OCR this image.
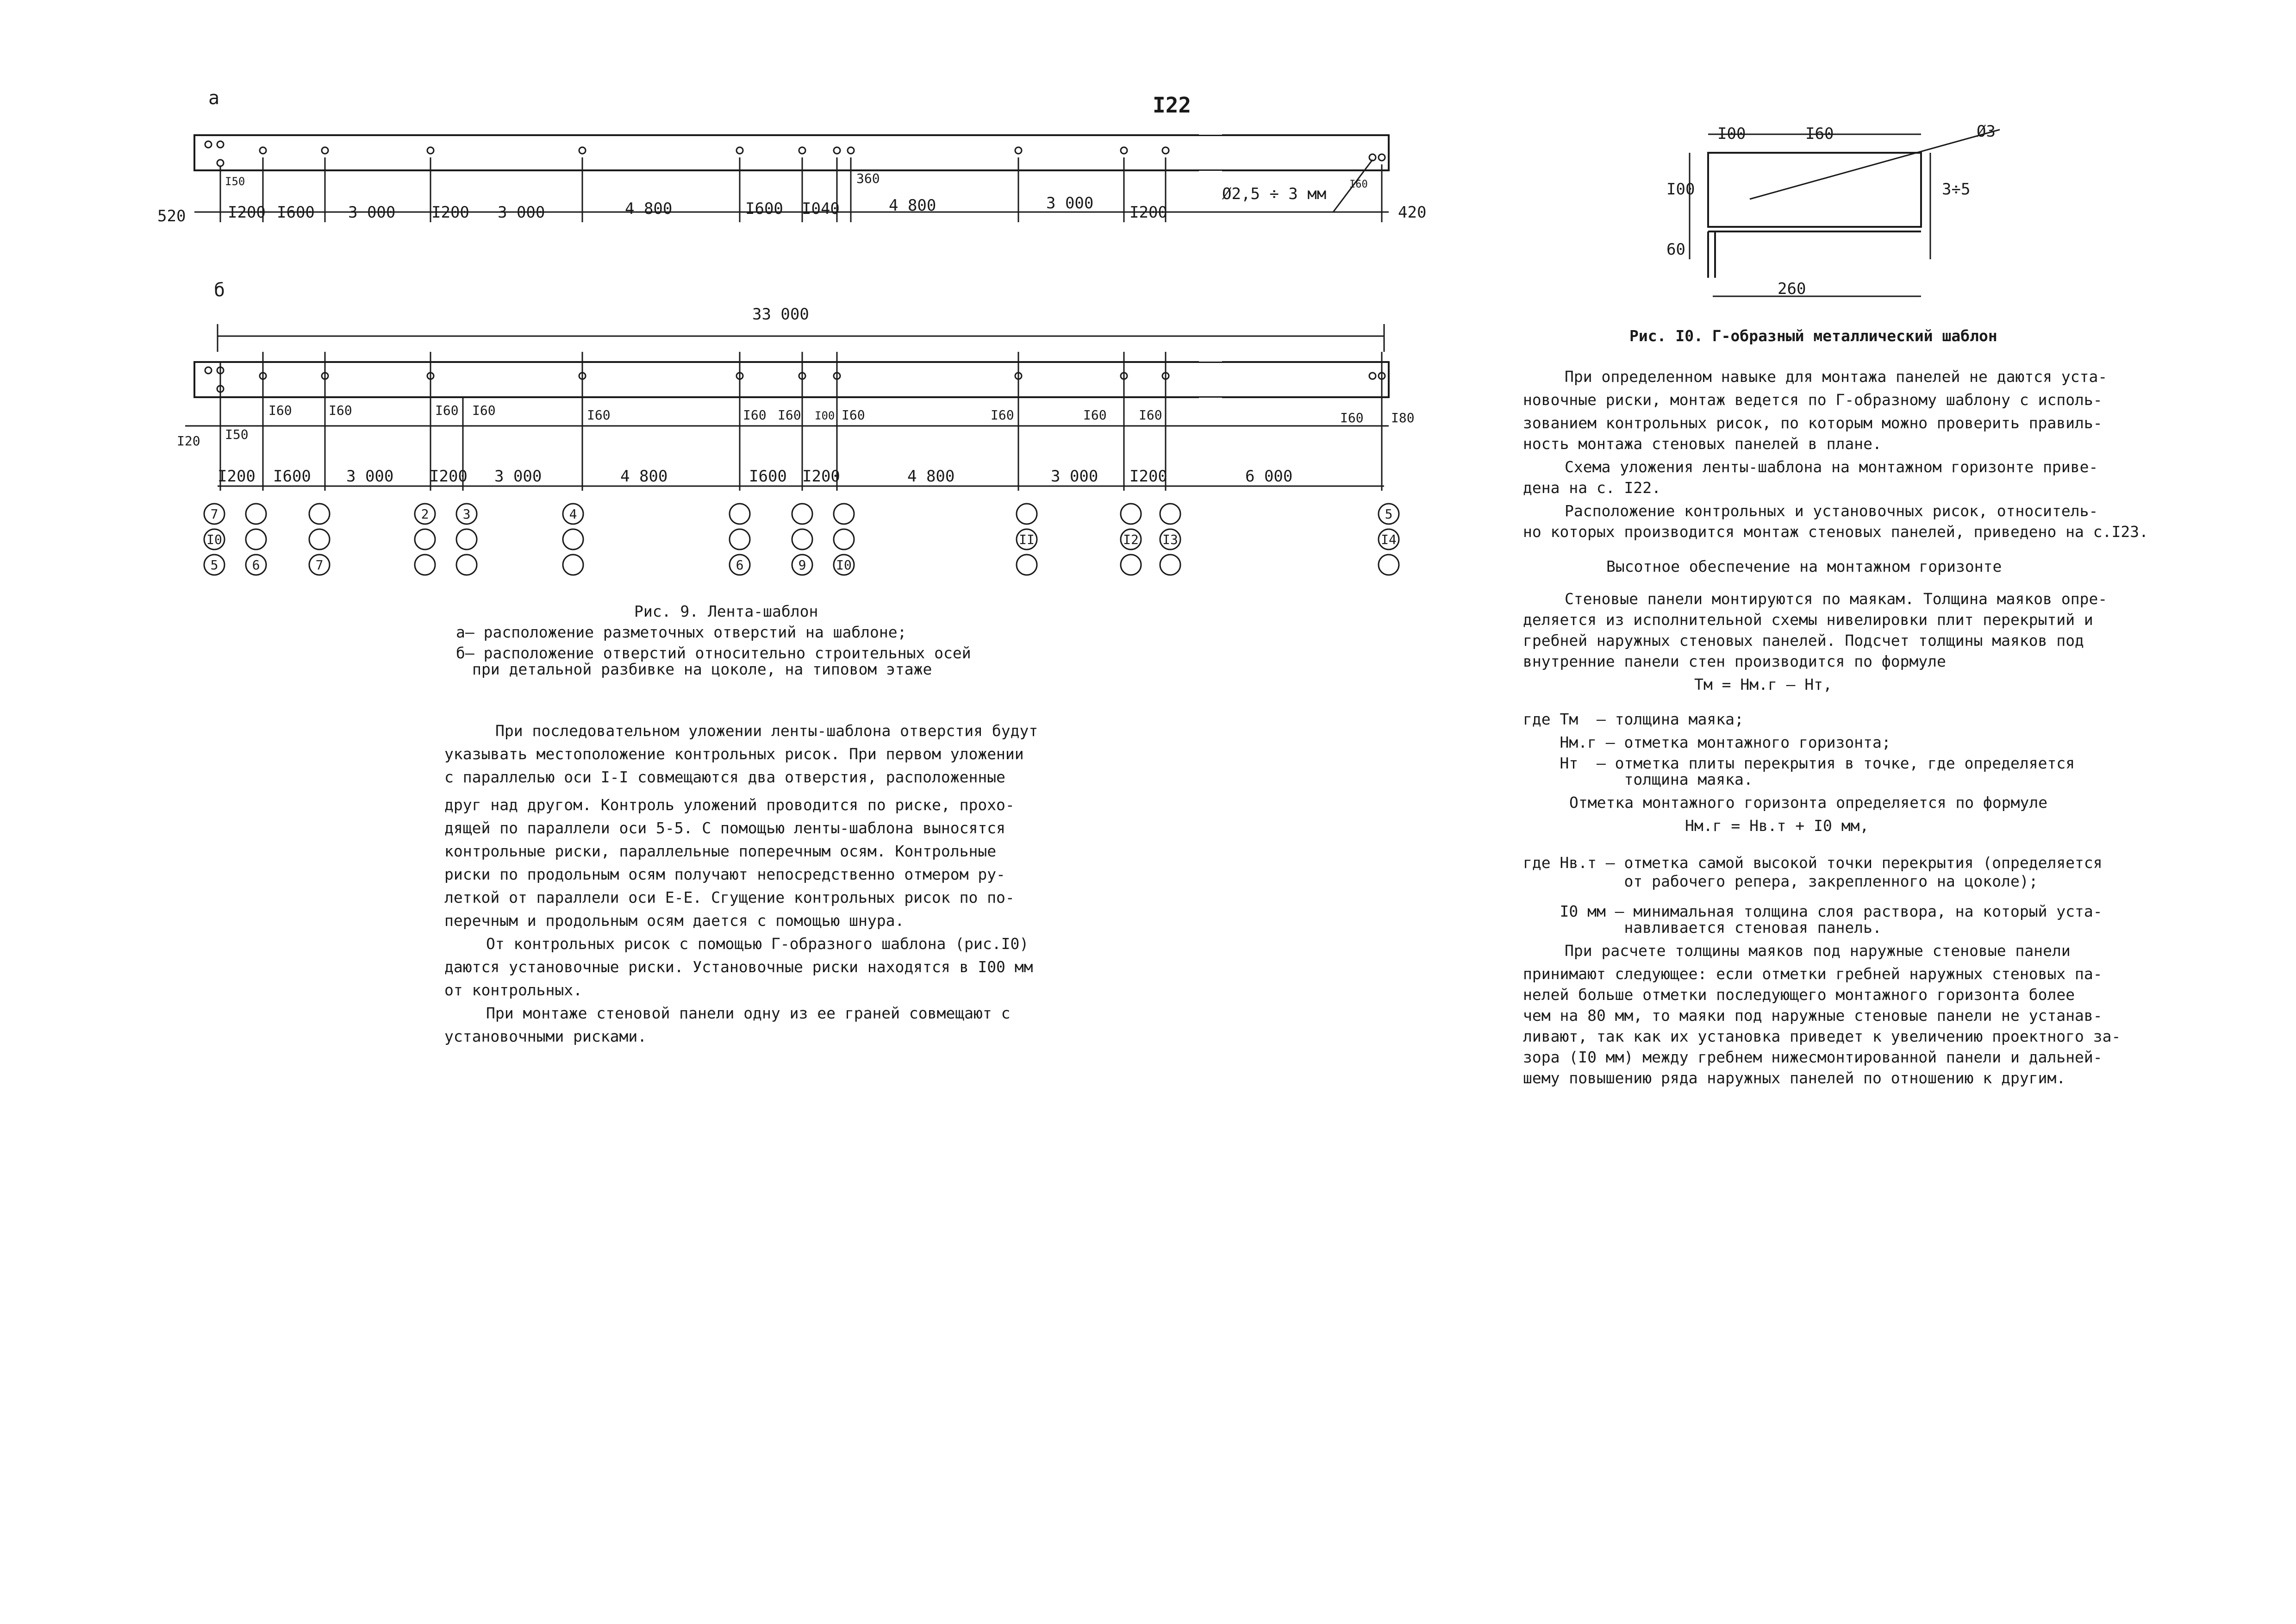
I22
а
520	I200 I600 3 000 I200 3 000	4 800	I600 I040	4 800	3 000 I200	420
I50	360
Ø2,5 ÷ 3 мм
I60
б
33 000
I20 I50
I60	I60	I60 I60	I60	I60 I60 I00 I60	I60	I60 I60	I60 I80
I200 I600 3 000 I200 3 000	4 800	I600 I200	4 800	3 000 I200	6 000
7
I0
5	6	7
2	3	4
6	9 I0
II	I2 I3
5
I4
I00	I60	Ø3
3÷5
260
I00
60
Рис. 9. Лента-шаблон
а– расположение разметочных отверстий на шаблоне;
б– расположение отверстий относительно строительных осей
при детальной разбивке на цоколе, на типовом этаже
Рис. I0. Г-образный металлический шаблон
При последовательном уложении ленты-шаблона отверстия будут
указывать местоположение контрольных рисок. При первом уложении
с параллелью оси I-I совмещаются два отверстия, расположенные
друг над другом. Контроль уложений проводится по риске, прохо-
дящей по параллели оси 5-5. С помощью ленты-шаблона выносятся
контрольные риски, параллельные поперечным осям. Контрольные
риски по продольным осям получают непосредственно отмером ру-
леткой от параллели оси Е-Е. Сгущение контрольных рисок по по-
перечным и продольным осям дается с помощью шнура.
От контрольных рисок с помощью Г-образного шаблона (рис.I0)
даются установочные риски. Установочные риски находятся в I00 мм
от контрольных.
При монтаже стеновой панели одну из ее граней совмещают с
установочными рисками.
При определенном навыке для монтажа панелей не даются уста-
новочные риски, монтаж ведется по Г-образному шаблону с исполь-
зованием контрольных рисок, по которым можно проверить правиль-
ность монтажа стеновых панелей в плане.
Схема уложения ленты-шаблона на монтажном горизонте приве-
дена на с. I22.
Расположение контрольных и установочных рисок, относитель-
но которых производится монтаж стеновых панелей, приведено на с.I23.
Высотное обеспечение на монтажном горизонте
Стеновые панели монтируются по маякам. Толщина маяков опре-
деляется из исполнительной схемы нивелировки плит перекрытий и
гребней наружных стеновых панелей. Подсчет толщины маяков под
внутренние панели стен производится по формуле
Tм = Hм.г – Hт,
где Tм  – толщина маяка;
Hм.г – отметка монтажного горизонта;
Hт  – отметка плиты перекрытия в точке, где определяется
толщина маяка.
Отметка монтажного горизонта определяется по формуле
Hм.г = Hв.т + I0 мм,
где Hв.т – отметка самой высокой точки перекрытия (определяется
от рабочего репера, закрепленного на цоколе);
I0 мм – минимальная толщина слоя раствора, на который уста-
навливается стеновая панель.
При расчете толщины маяков под наружные стеновые панели
принимают следующее: если отметки гребней наружных стеновых па-
нелей больше отметки последующего монтажного горизонта более
чем на 80 мм, то маяки под наружные стеновые панели не устанав-
ливают, так как их установка приведет к увеличению проектного за-
зора (I0 мм) между гребнем нижесмонтированной панели и дальней-
шему повышению ряда наружных панелей по отношению к другим.
